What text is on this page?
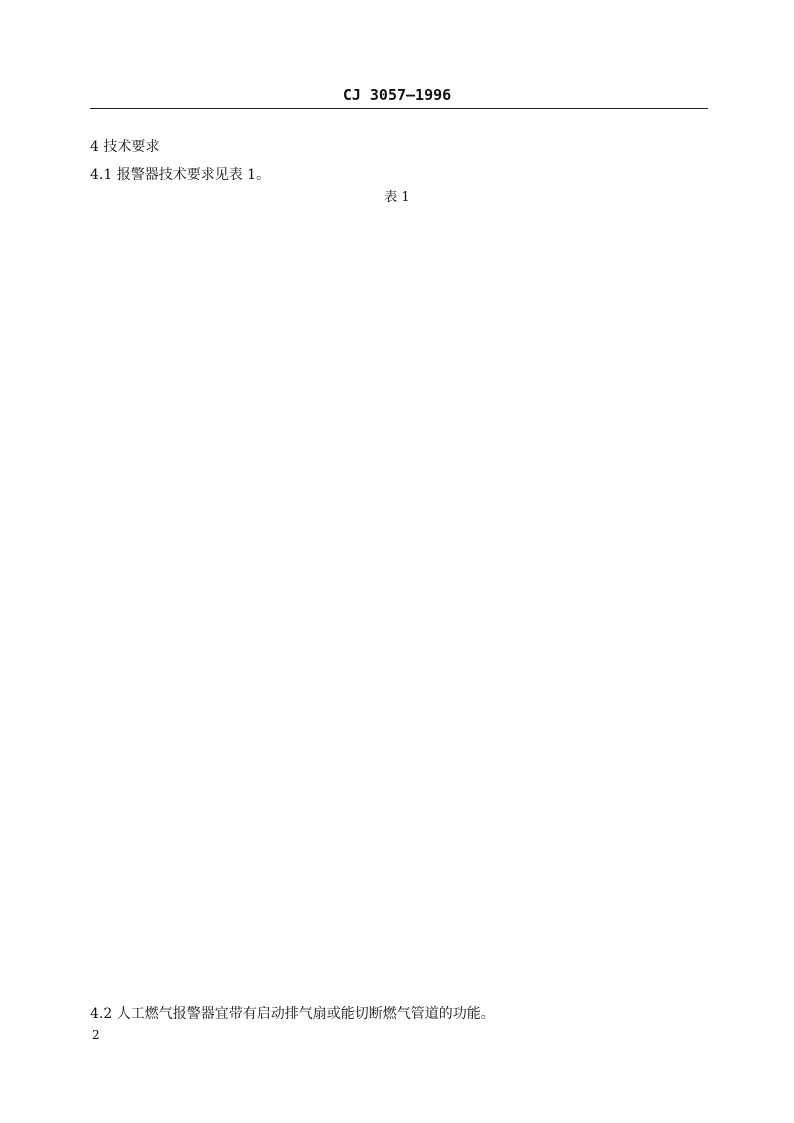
CJ 3057—1996
4 技术要求
4.1 报警器技术要求见表 1。
表 1
4.2 人工燃气报警器宜带有启动排气扇或能切断燃气管道的功能。
2
